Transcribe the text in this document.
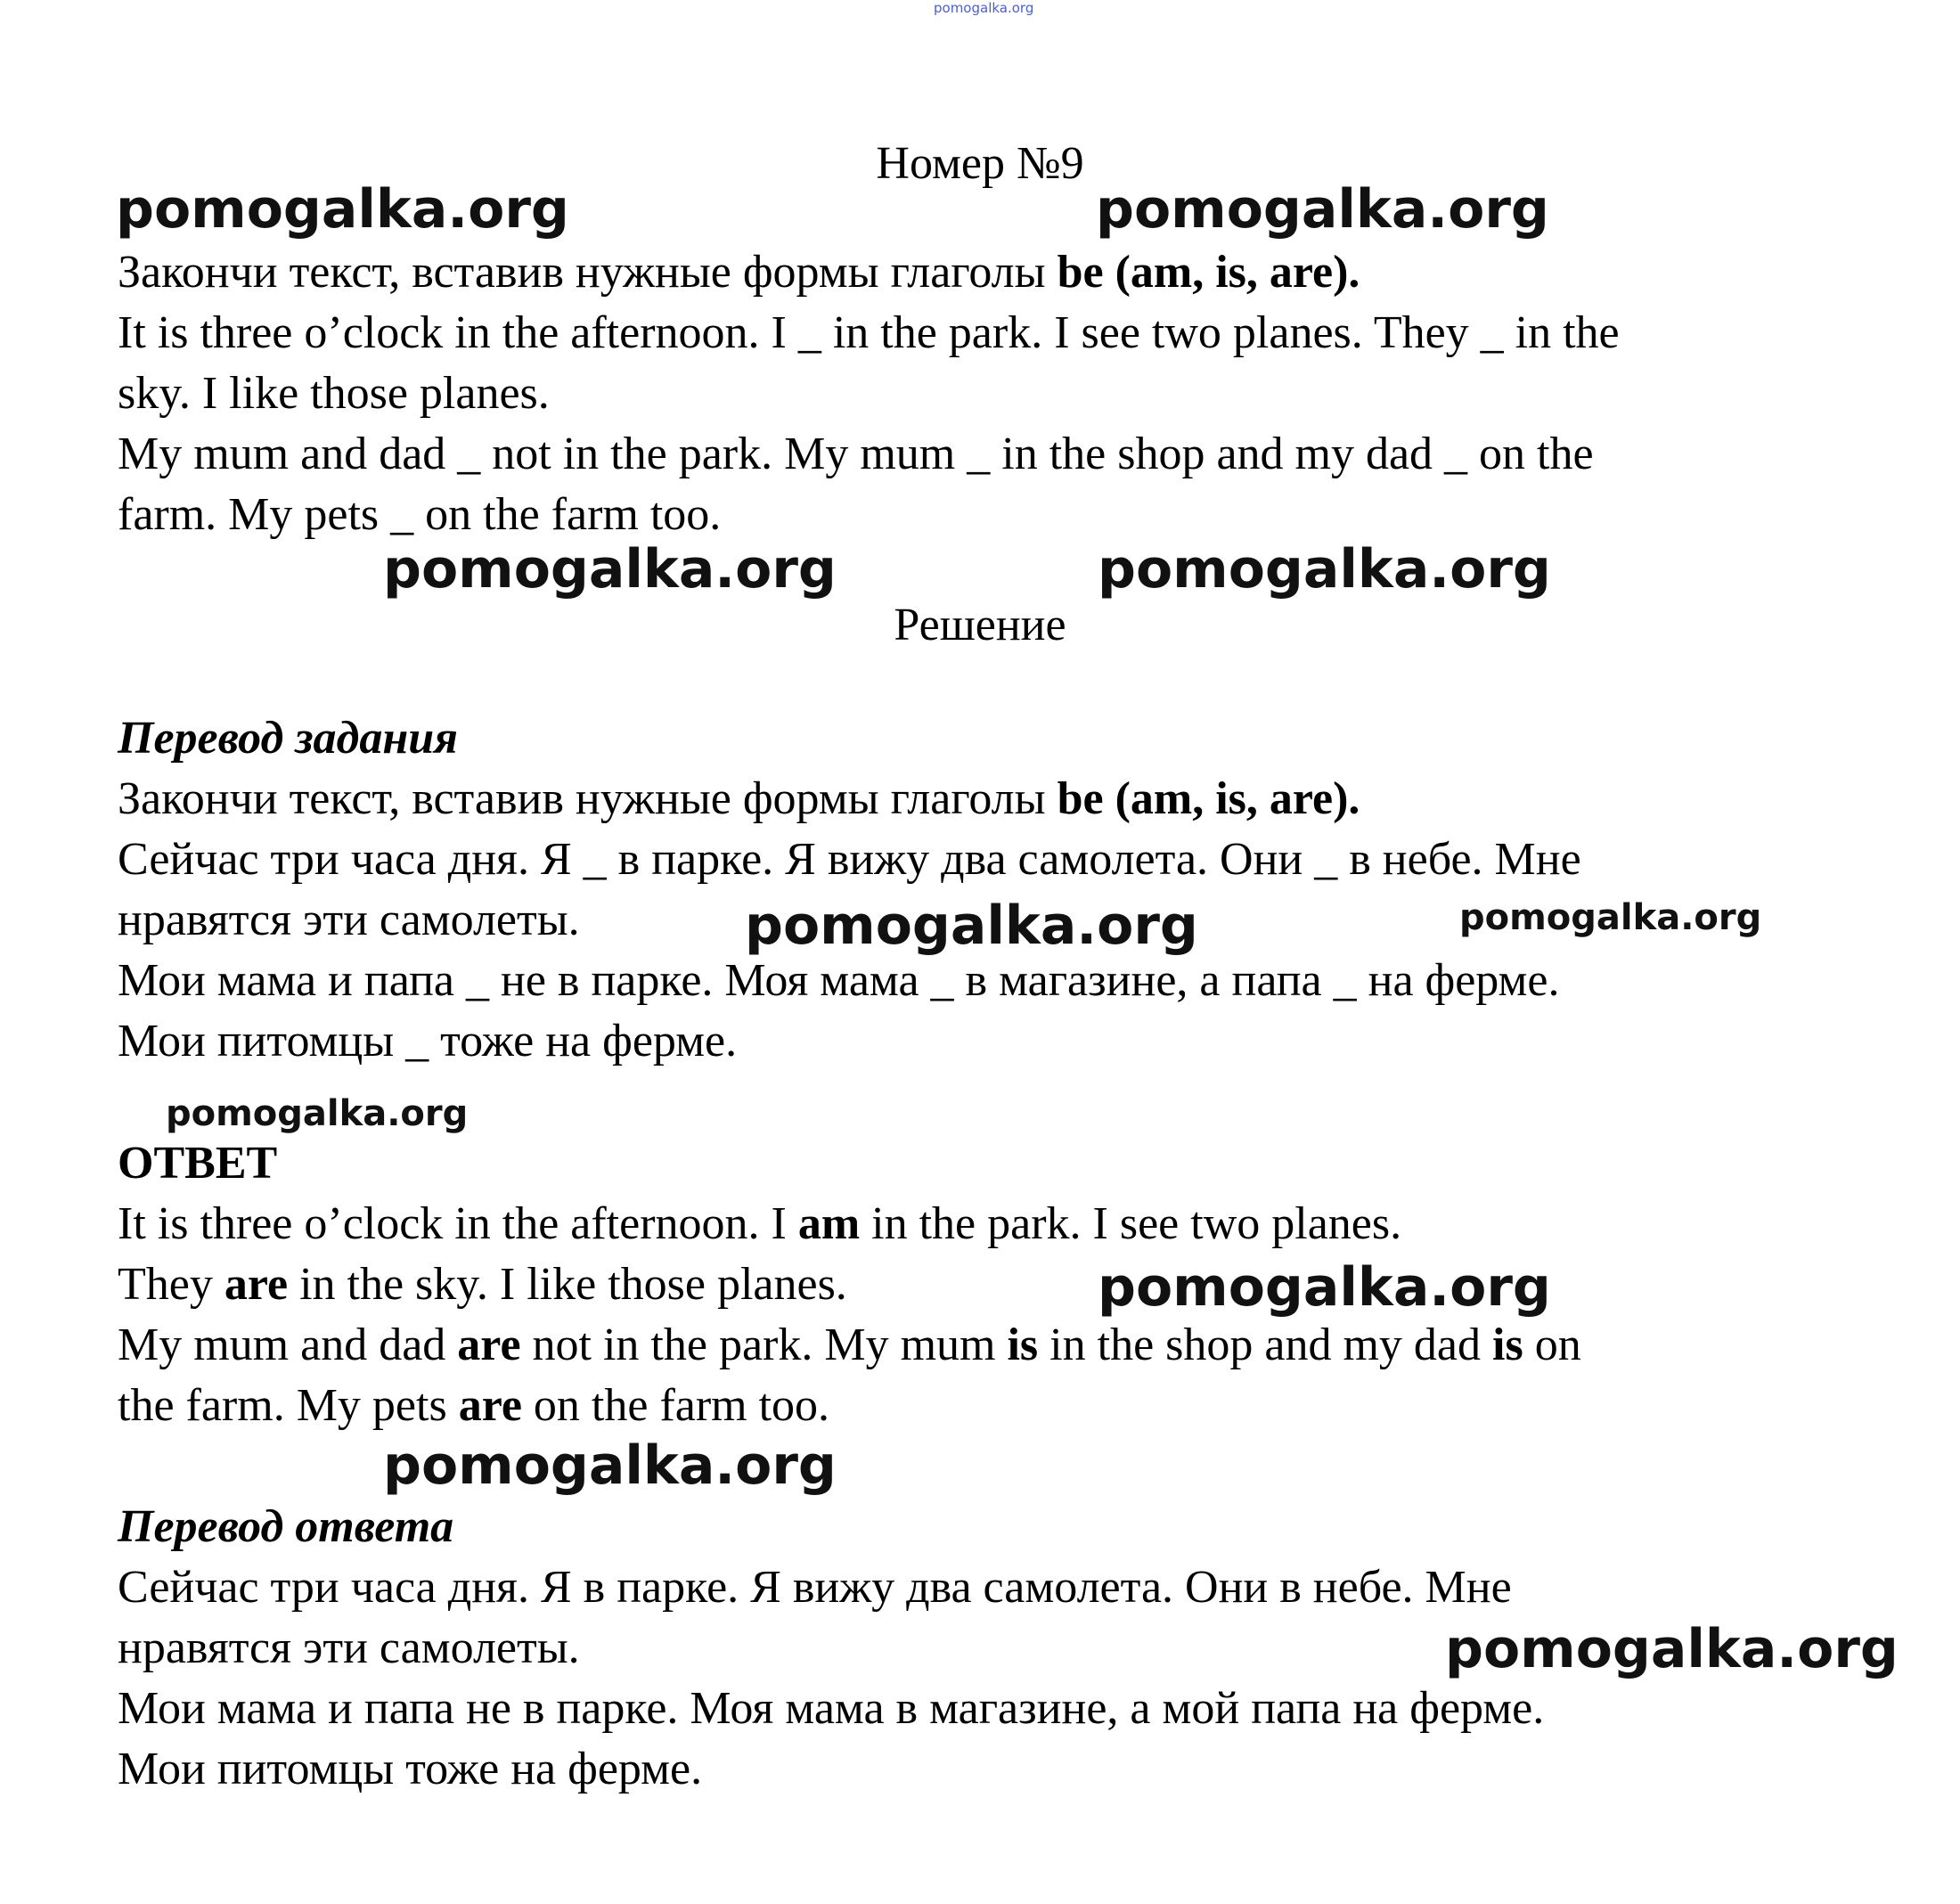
pomogalka.org
Номер №9
pomogalka.org	pomogalka.org
Закончи текст, вставив нужные формы глаголы be (am, is, are).
It is three o’clock in the afternoon. I _ in the park. I see two planes. They _ in the
sky. I like those planes.
My mum and dad _ not in the park. My mum _ in the shop and my dad _ on the
farm. My pets _ on the farm too.
pomogalka.org	pomogalka.org
Решение
Перевод задания
Закончи текст, вставив нужные формы глаголы be (am, is, are).
Сейчас три часа дня. Я _ в парке. Я вижу два самолета. Они _ в небе. Мне
нравятся эти самолеты.
Мои мама и папа _ не в парке. Моя мама _ в магазине, а папа _ на ферме.
Мои питомцы _ тоже на ферме.
pomogalka.org	pomogalka.org
pomogalka.org
ОТВЕТ
It is three o’clock in the afternoon. I am in the park. I see two planes.
They are in the sky. I like those planes.
My mum and dad are not in the park. My mum is in the shop and my dad is on
the farm. My pets are on the farm too.
pomogalka.org
pomogalka.org
Перевод ответа
Сейчас три часа дня. Я в парке. Я вижу два самолета. Они в небе. Мне
нравятся эти самолеты.
Мои мама и папа не в парке. Моя мама в магазине, а мой папа на ферме.
Мои питомцы тоже на ферме.
pomogalka.org
